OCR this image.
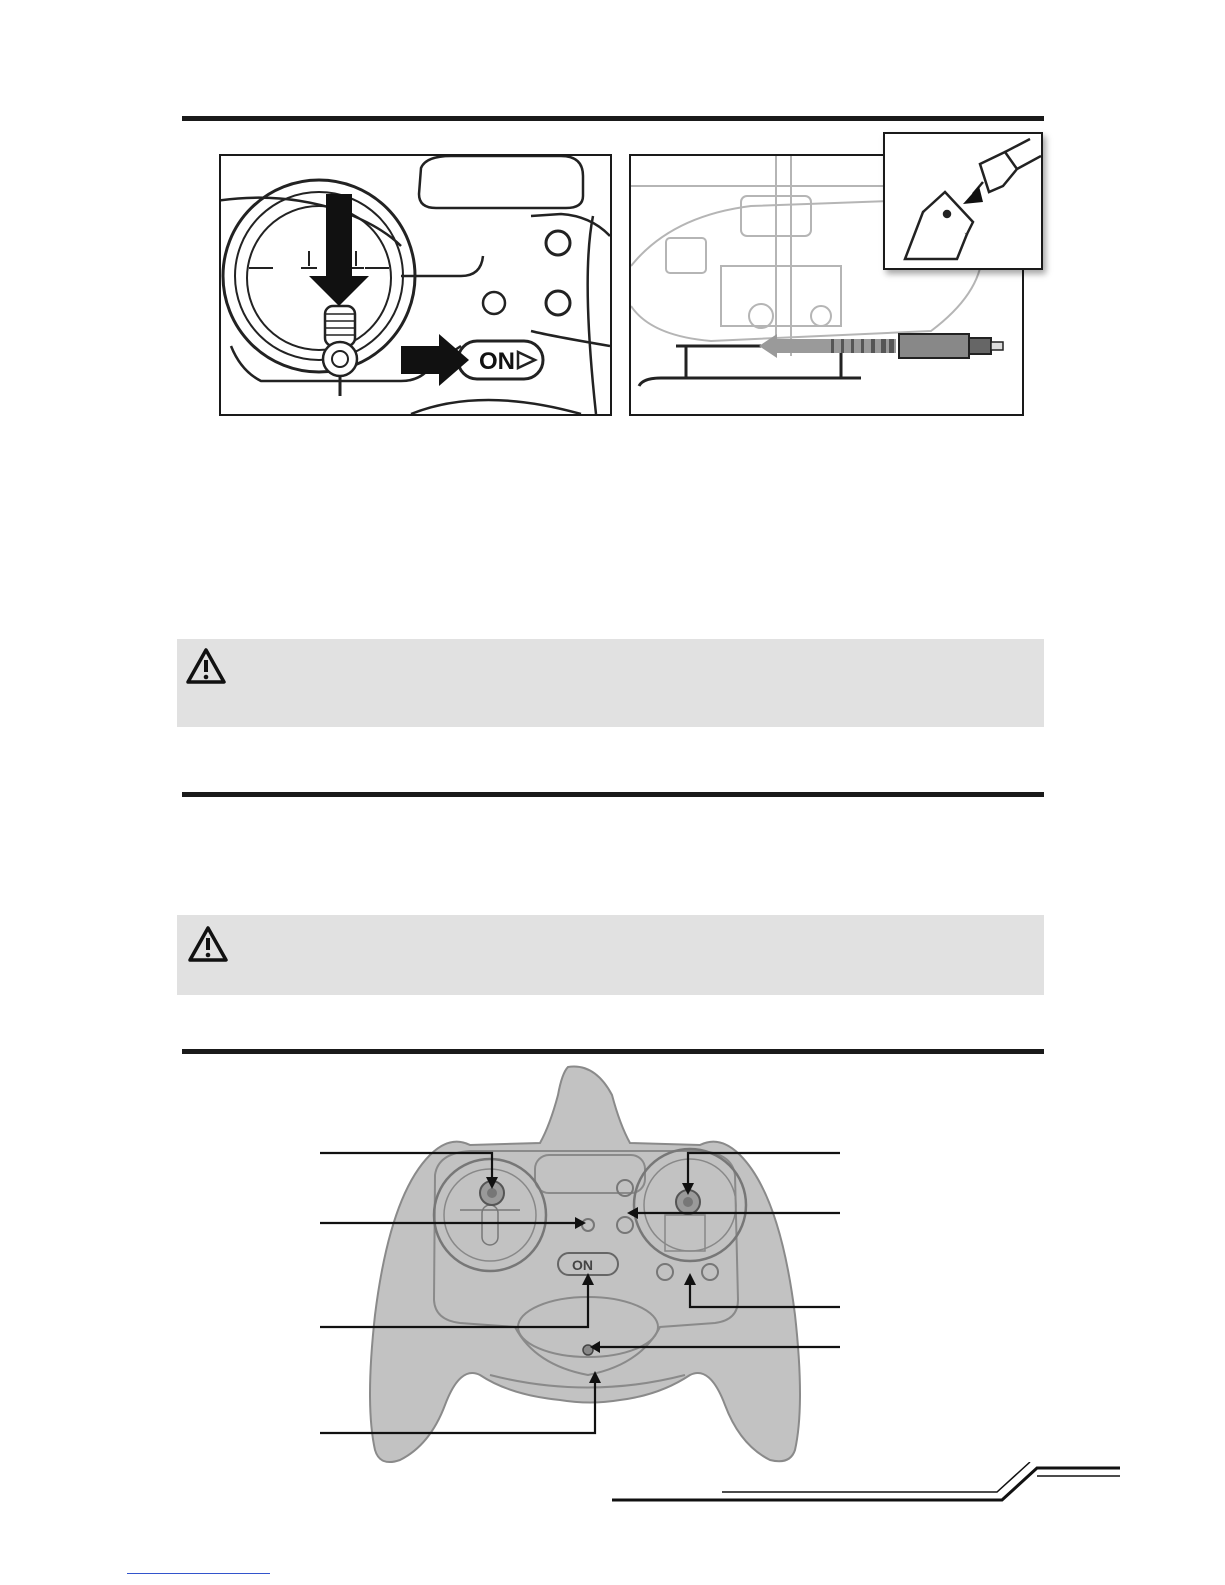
ON
ON
